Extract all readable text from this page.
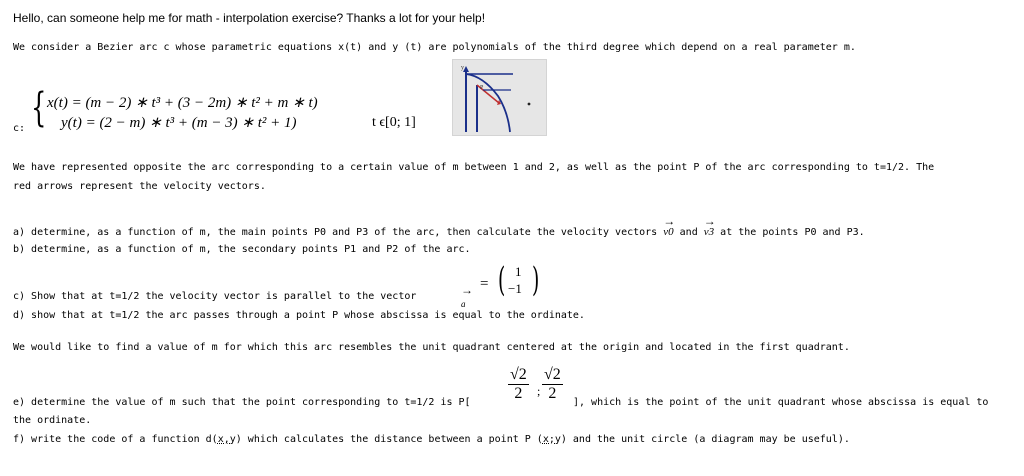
Hello, can someone help me for math - interpolation exercise? Thanks a lot for your help!
We consider a Bezier arc c whose parametric equations x(t) and y (t) are polynomials of the third degree which depend on a real parameter m.
c: { x(t) = (m − 2) ∗ t³ + (3 − 2m) ∗ t² + m ∗ t)
y(t) = (2 − m) ∗ t³ + (m − 3) ∗ t² + 1)	t ϵ[0; 1]
y
P
We have represented opposite the arc corresponding to a certain value of m between 1 and 2, as well as the point P of the arc corresponding to t=1/2. The
red arrows represent the velocity vectors.
a) determine, as a function of m, the main points P0 and P3 of the arc, then calculate the velocity vectors
→
v0 and
→
v3 at the points P0 and P3.
b) determine, as a function of m, the secondary points P1 and P2 of the arc.
c) Show that at t=1/2 the velocity vector is parallel to the vector	→
a
= ( 1
−1 )
d) show that at t=1/2 the arc passes through a point P whose abscissa is equal to the ordinate.
We would like to find a value of m for which this arc resembles the unit quadrant centered at the origin and located in the first quadrant.
e) determine the value of m such that the point corresponding to t=1/2 is $P[ \frac{√2}{2}$ ; $\frac{√2}{2}$ ], which is the point of the unit quadrant whose abscissa is equal to
the ordinate.
f) write the code of a function d(x,y) which calculates the distance between a point P (x;y) and the unit circle (a diagram may be useful).
